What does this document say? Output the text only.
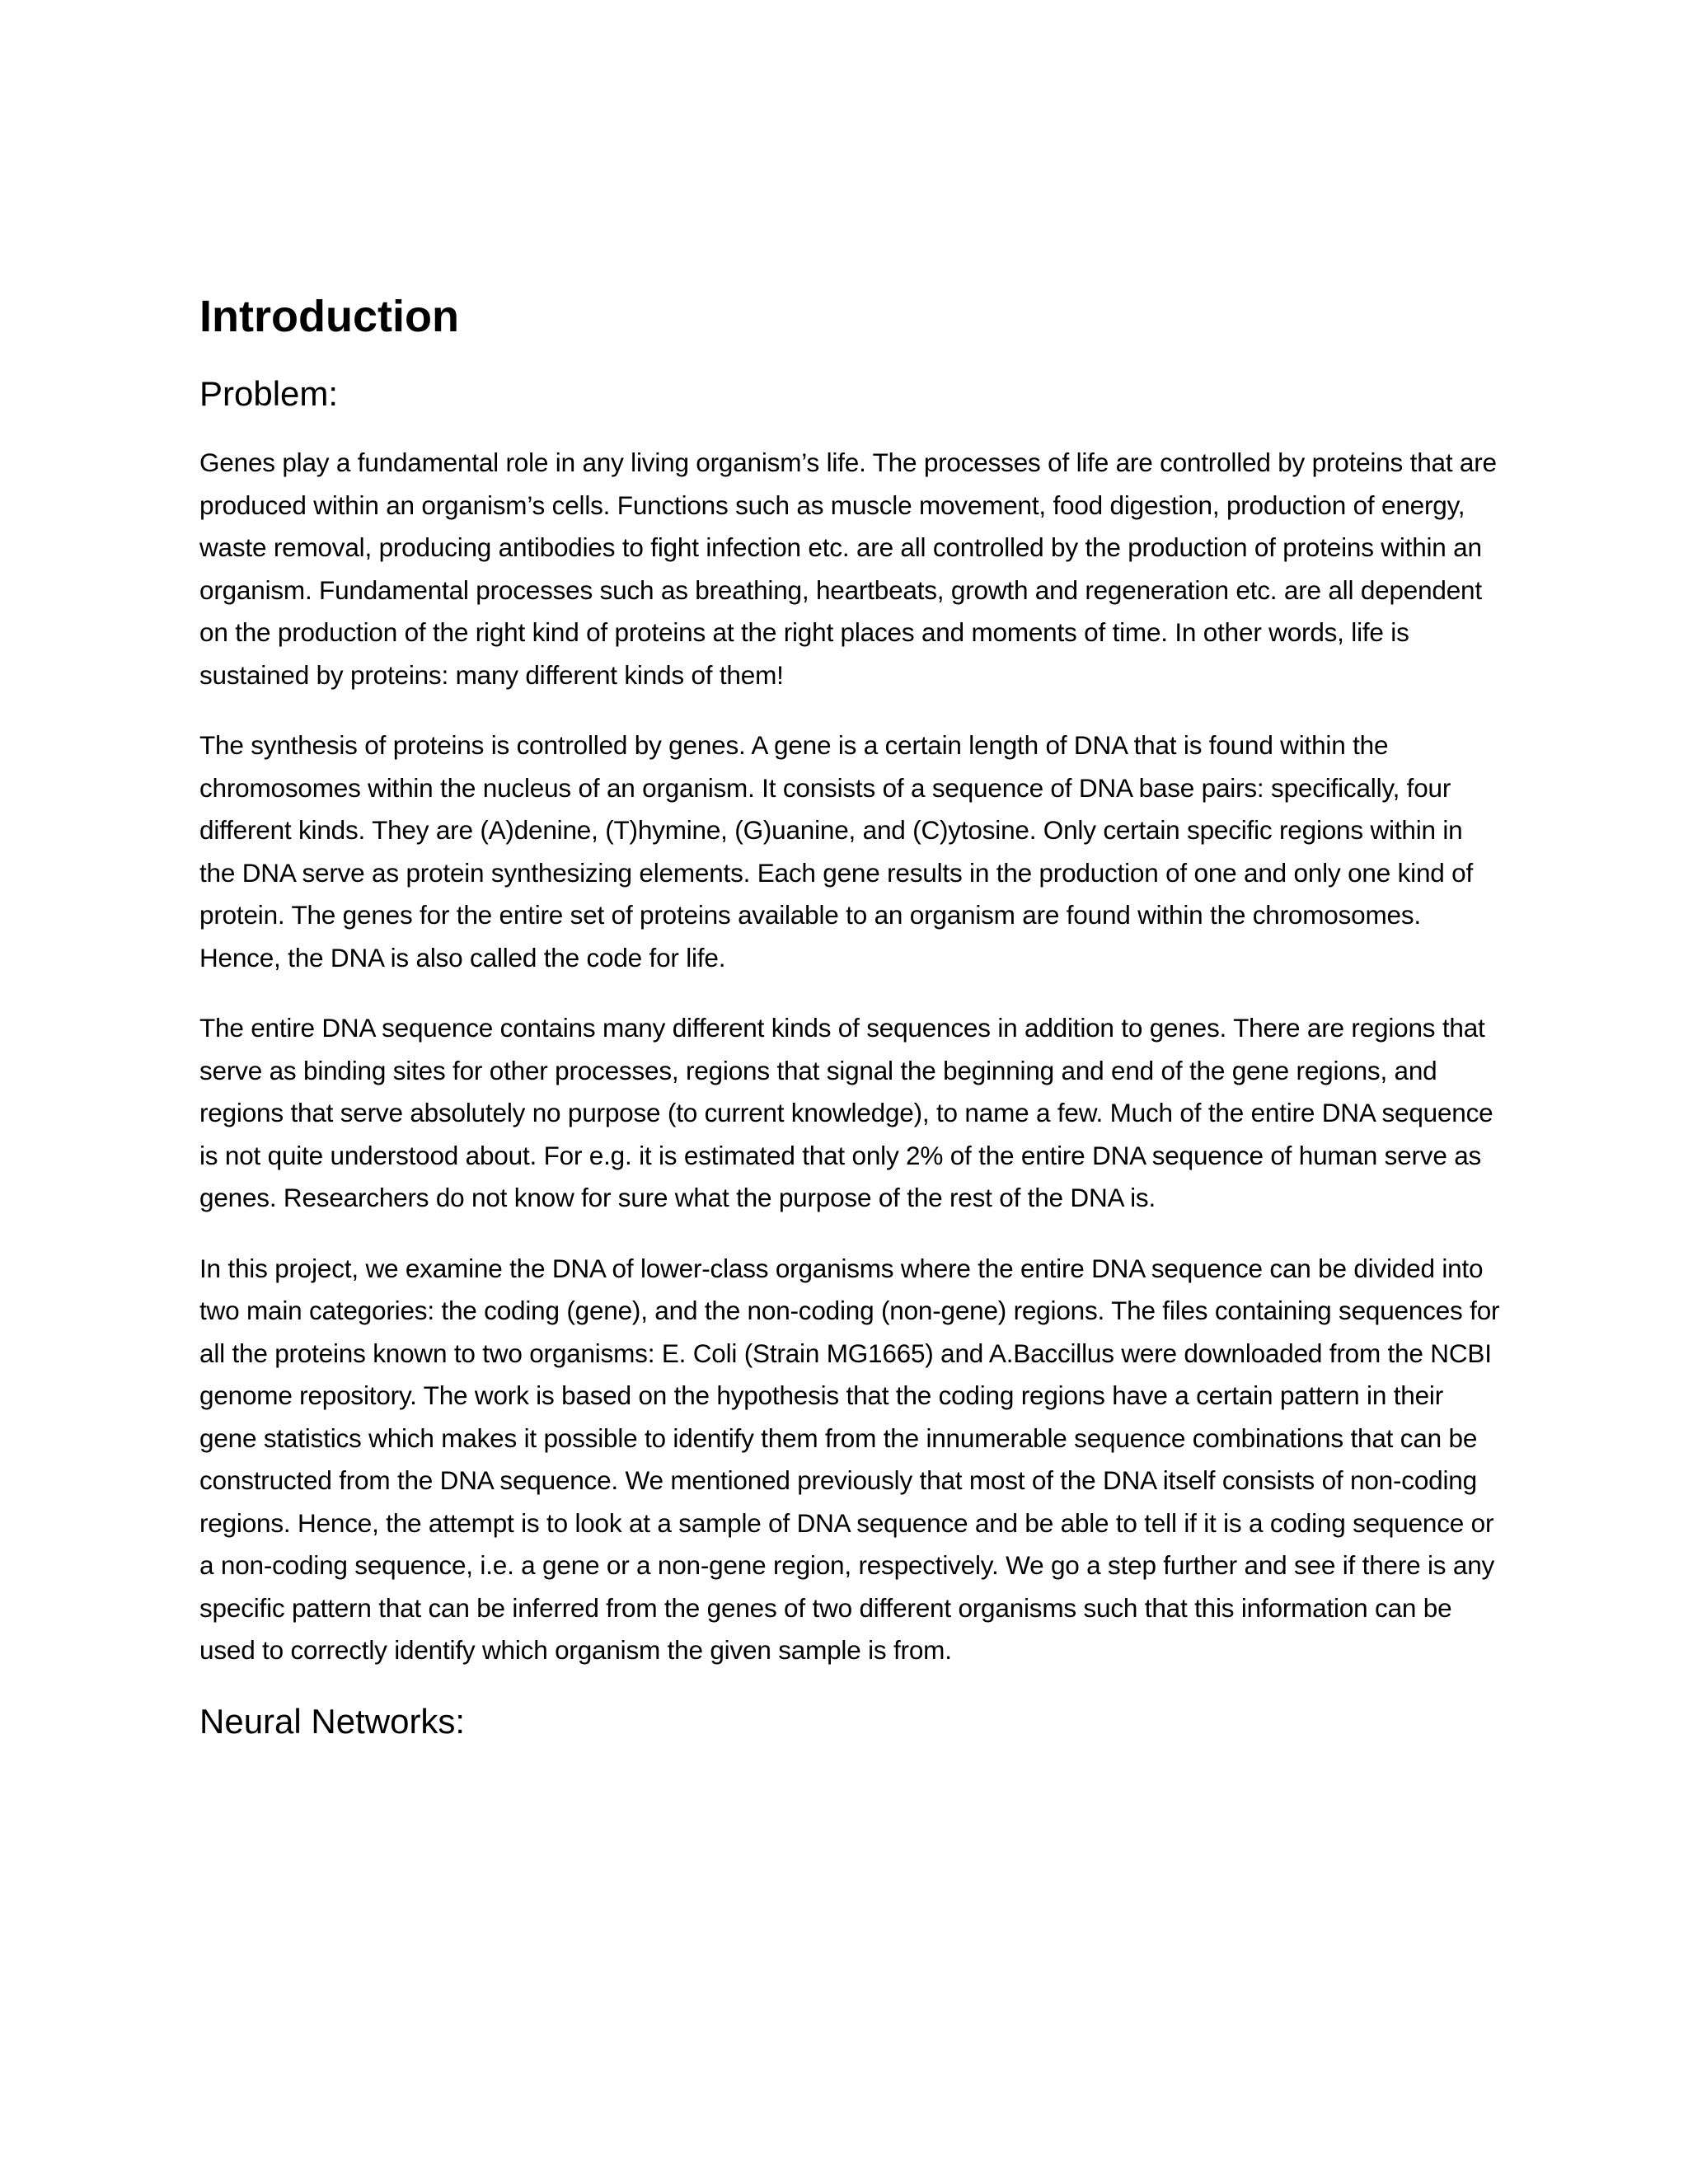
Introduction
Problem:

Genes play a fundamental role in any living organism’s life. The processes of life are controlled by proteins that are produced within an organism’s cells. Functions such as muscle movement, food digestion, production of energy, waste removal, producing antibodies to fight infection etc. are all controlled by the production of proteins within an organism. Fundamental processes such as breathing, heartbeats, growth and regeneration etc. are all dependent on the production of the right kind of proteins at the right places and moments of time. In other words, life is sustained by proteins: many different kinds of them!

The synthesis of proteins is controlled by genes. A gene is a certain length of DNA that is found within the chromosomes within the nucleus of an organism. It consists of a sequence of DNA base pairs: specifically, four different kinds. They are (A)denine, (T)hymine, (G)uanine, and (C)ytosine. Only certain specific regions within in the DNA serve as protein synthesizing elements. Each gene results in the production of one and only one kind of protein. The genes for the entire set of proteins available to an organism are found within the chromosomes. Hence, the DNA is also called the code for life.

The entire DNA sequence contains many different kinds of sequences in addition to genes. There are regions that serve as binding sites for other processes, regions that signal the beginning and end of the gene regions, and regions that serve absolutely no purpose (to current knowledge), to name a few. Much of the entire DNA sequence is not quite understood about. For e.g. it is estimated that only 2% of the entire DNA sequence of human serve as genes. Researchers do not know for sure what the purpose of the rest of the DNA is.

In this project, we examine the DNA of lower-class organisms where the entire DNA sequence can be divided into two main categories: the coding (gene), and the non-coding (non-gene) regions. The files containing sequences for all the proteins known to two organisms: E. Coli (Strain MG1665) and A.Baccillus were downloaded from the NCBI genome repository. The work is based on the hypothesis that the coding regions have a certain pattern in their gene statistics which makes it possible to identify them from the innumerable sequence combinations that can be constructed from the DNA sequence. We mentioned previously that most of the DNA itself consists of non-coding regions. Hence, the attempt is to look at a sample of DNA sequence and be able to tell if it is a coding sequence or a non-coding sequence, i.e. a gene or a non-gene region, respectively. We go a step further and see if there is any specific pattern that can be inferred from the genes of two different organisms such that this information can be used to correctly identify which organism the given sample is from.

Neural Networks:
